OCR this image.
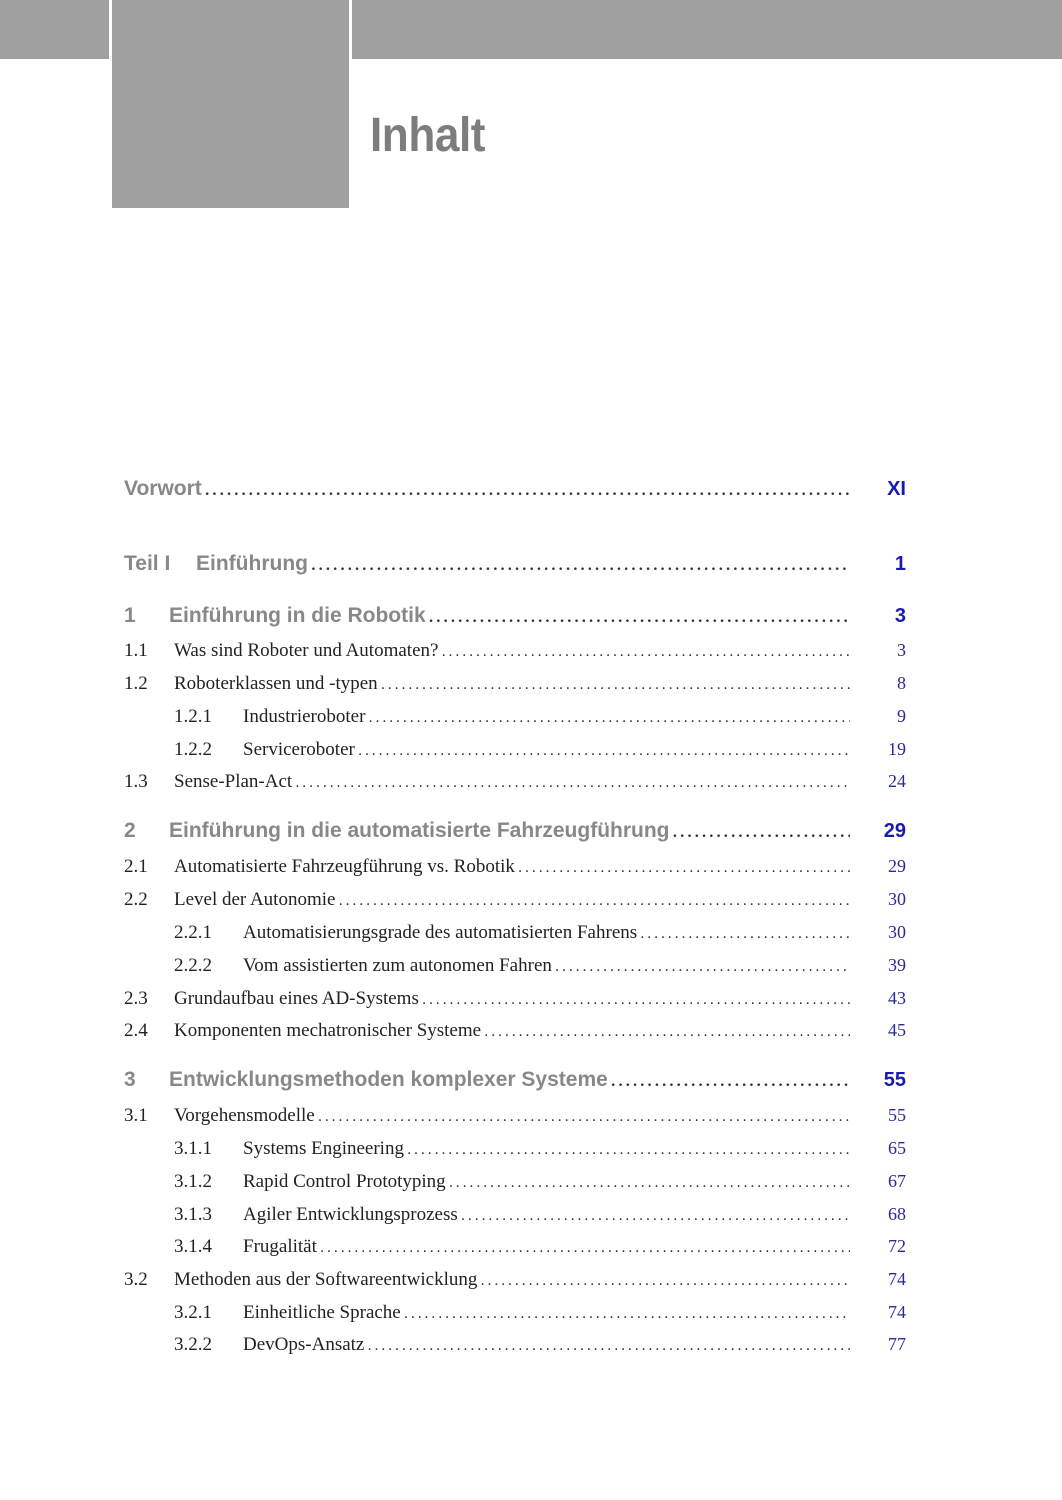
Inhalt
Vorwort .....	XI
Teil I	Einführung .....	1
1	Einführung in die Robotik .....	3
1.1	Was sind Roboter und Automaten? .....	3
1.2	Roboterklassen und -typen .....	8
1.2.1	Industrieroboter .....	9
1.2.2	Serviceroboter .....	19
1.3	Sense-Plan-Act .....	24
2	Einführung in die automatisierte Fahrzeugführung .....	29
2.1	Automatisierte Fahrzeugführung vs. Robotik .....	29
2.2	Level der Autonomie .....	30
2.2.1	Automatisierungsgrade des automatisierten Fahrens .....	30
2.2.2	Vom assistierten zum autonomen Fahren .....	39
2.3	Grundaufbau eines AD-Systems .....	43
2.4	Komponenten mechatronischer Systeme .....	45
3	Entwicklungsmethoden komplexer Systeme .....	55
3.1	Vorgehensmodelle .....	55
3.1.1	Systems Engineering .....	65
3.1.2	Rapid Control Prototyping .....	67
3.1.3	Agiler Entwicklungsprozess .....	68
3.1.4	Frugalität .....	72
3.2	Methoden aus der Softwareentwicklung .....	74
3.2.1	Einheitliche Sprache .....	74
3.2.2	DevOps-Ansatz .....	77
